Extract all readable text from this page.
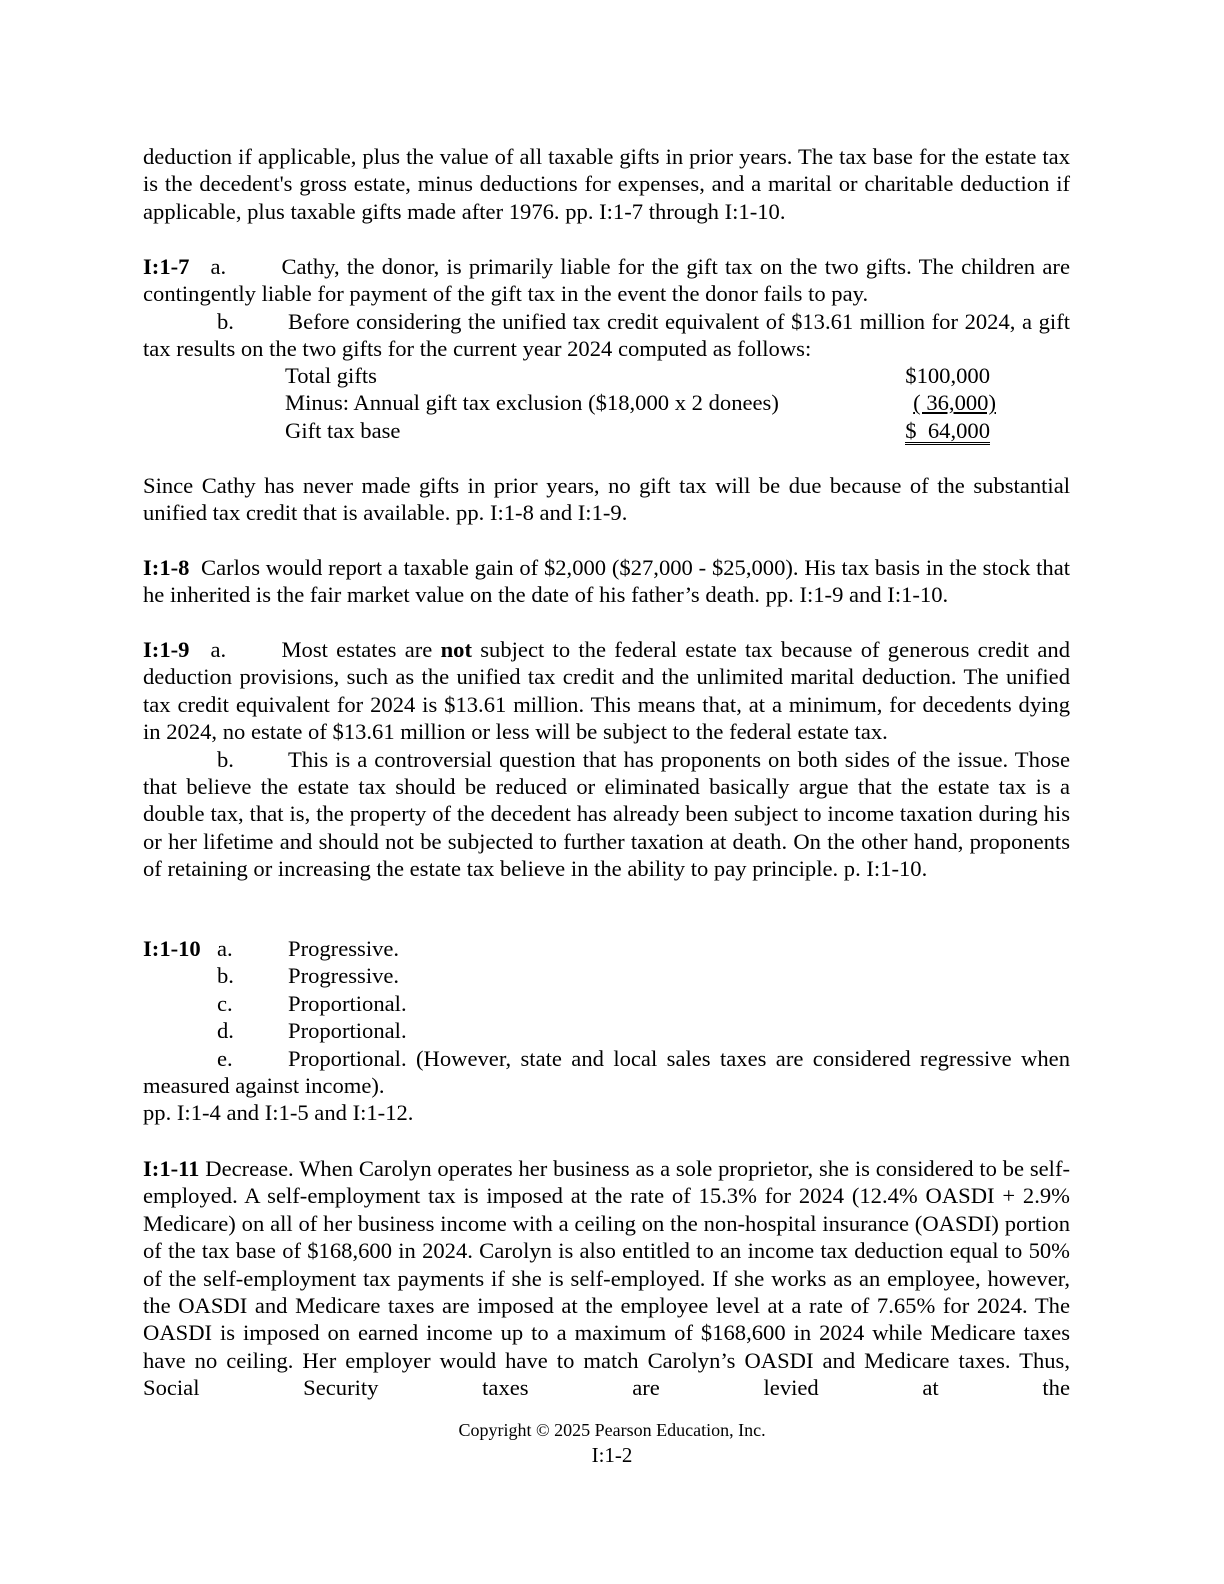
deduction if applicable, plus the value of all taxable gifts in prior years. The tax base for the estate tax is the decedent's gross estate, minus deductions for expenses, and a marital or charitable deduction if applicable, plus taxable gifts made after 1976. pp. I:1-7 through I:1-10.

I:1-7 a. Cathy, the donor, is primarily liable for the gift tax on the two gifts. The children are contingently liable for payment of the gift tax in the event the donor fails to pay.

b. Before considering the unified tax credit equivalent of $13.61 million for 2024, a gift tax results on the two gifts for the current year 2024 computed as follows:

Total gifts	$100,000
Minus: Annual gift tax exclusion ($18,000 x 2 donees)	( 36,000)
Gift tax base	$  64,000

Since Cathy has never made gifts in prior years, no gift tax will be due because of the substantial unified tax credit that is available. pp. I:1-8 and I:1-9.

I:1-8 Carlos would report a taxable gain of $2,000 ($27,000 - $25,000). His tax basis in the stock that he inherited is the fair market value on the date of his father’s death. pp. I:1-9 and I:1-10.

I:1-9 a. Most estates are not subject to the federal estate tax because of generous credit and deduction provisions, such as the unified tax credit and the unlimited marital deduction. The unified tax credit equivalent for 2024 is $13.61 million. This means that, at a minimum, for decedents dying in 2024, no estate of $13.61 million or less will be subject to the federal estate tax.

b. This is a controversial question that has proponents on both sides of the issue. Those that believe the estate tax should be reduced or eliminated basically argue that the estate tax is a double tax, that is, the property of the decedent has already been subject to income taxation during his or her lifetime and should not be subjected to further taxation at death. On the other hand, proponents of retaining or increasing the estate tax believe in the ability to pay principle. p. I:1-10.

I:1-10 a. Progressive.
b. Progressive.
c. Proportional.
d. Proportional.

e. Proportional. (However, state and local sales taxes are considered regressive when measured against income).

pp. I:1-4 and I:1-5 and I:1-12.

I:1-11 Decrease. When Carolyn operates her business as a sole proprietor, she is considered to be self-employed. A self-employment tax is imposed at the rate of 15.3% for 2024 (12.4% OASDI + 2.9% Medicare) on all of her business income with a ceiling on the non-hospital insurance (OASDI) portion of the tax base of $168,600 in 2024. Carolyn is also entitled to an income tax deduction equal to 50% of the self-employment tax payments if she is self-employed. If she works as an employee, however, the OASDI and Medicare taxes are imposed at the employee level at a rate of 7.65% for 2024. The OASDI is imposed on earned income up to a maximum of $168,600 in 2024 while Medicare taxes have no ceiling. Her employer would have to match Carolyn’s OASDI and Medicare taxes. Thus, Social Security taxes are levied at the

Copyright © 2025 Pearson Education, Inc.
I:1-2
